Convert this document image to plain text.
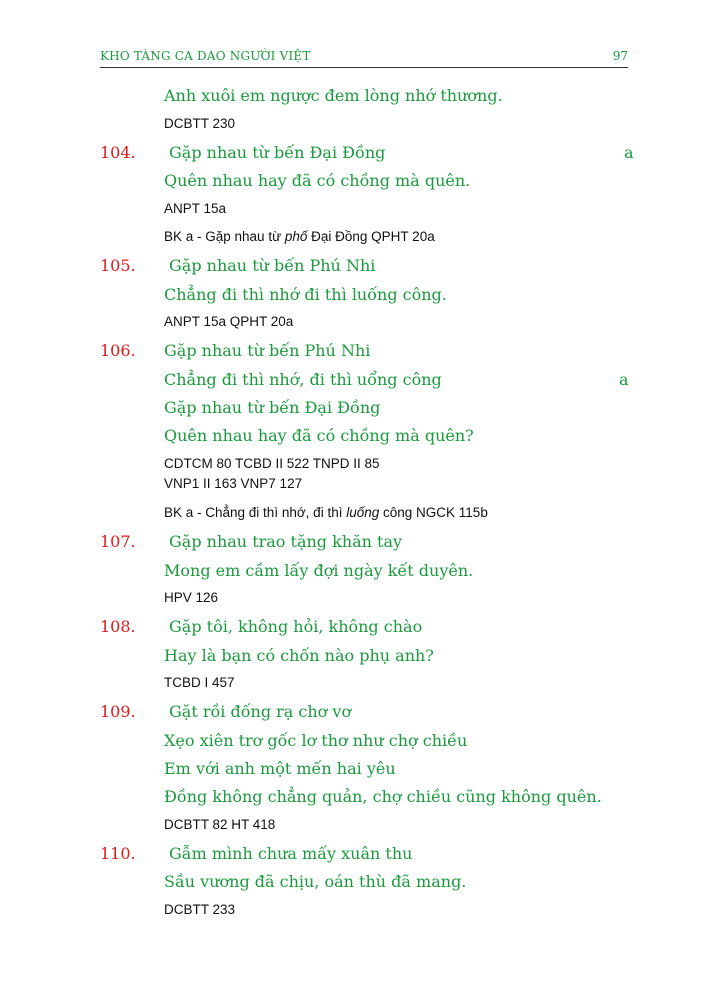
KHO TÀNG CA DAO NGƯỜI VIỆT	97
Anh xuôi em ngược đem lòng nhớ thương.
DCBTT 230
104. Gặp nhau từ bến Đại Đồng	a
Quên nhau hay đã có chồng mà quên.
ANPT 15a
BK a - Gặp nhau từ phố Đại Đồng QPHT 20a
105. Gặp nhau từ bến Phú Nhi
Chẳng đi thì nhớ đi thì luống công.
ANPT 15a QPHT 20a
106. Gặp nhau từ bến Phú Nhi
Chẳng đi thì nhớ, đi thì uổng công	a
Gặp nhau từ bến Đại Đồng
Quên nhau hay đã có chồng mà quên?
CDTCM 80 TCBD II 522 TNPD II 85
VNP1 II 163 VNP7 127
BK a - Chẳng đi thì nhớ, đi thì luống công NGCK 115b
107. Gặp nhau trao tặng khăn tay
Mong em cầm lấy đợi ngày kết duyên.
HPV 126
108. Gặp tôi, không hỏi, không chào
Hay là bạn có chốn nào phụ anh?
TCBD I 457
109. Gặt rồi đống rạ chơ vơ
Xẹo xiên trơ gốc lơ thơ như chợ chiều
Em với anh một mến hai yêu
Đồng không chẳng quản, chợ chiều cũng không quên.
DCBTT 82 HT 418
110. Gẫm mình chưa mấy xuân thu
Sầu vương đã chịu, oán thù đã mang.
DCBTT 233
